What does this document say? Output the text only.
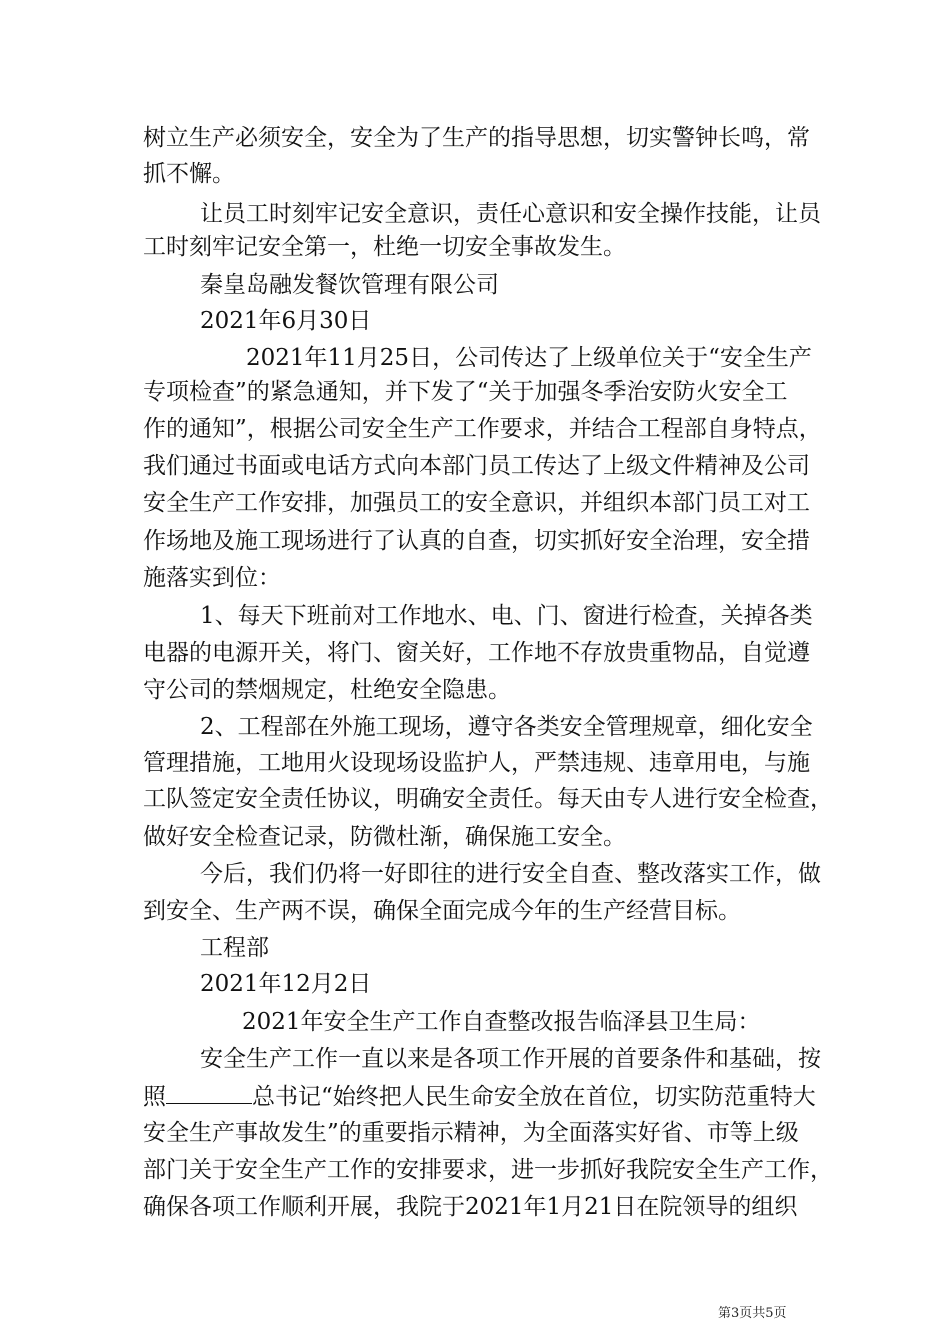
树立生产必须安全，安全为了生产的指导思想，切实警钟长鸣，常
抓不懈。
让员工时刻牢记安全意识，责任心意识和安全操作技能，让员
工时刻牢记安全第一，杜绝一切安全事故发生。
秦皇岛融发餐饮管理有限公司
2021年6月30日
2021年11月25日，公司传达了上级单位关于“安全生产
专项检查”的紧急通知，并下发了“关于加强冬季治安防火安全工
作的通知”，根据公司安全生产工作要求，并结合工程部自身特点，
我们通过书面或电话方式向本部门员工传达了上级文件精神及公司
安全生产工作安排，加强员工的安全意识，并组织本部门员工对工
作场地及施工现场进行了认真的自查，切实抓好安全治理，安全措
施落实到位：
1、每天下班前对工作地水、电、门、窗进行检查，关掉各类
电器的电源开关，将门、窗关好，工作地不存放贵重物品，自觉遵
守公司的禁烟规定，杜绝安全隐患。
2、工程部在外施工现场，遵守各类安全管理规章，细化安全
管理措施，工地用火设现场设监护人，严禁违规、违章用电，与施
工队签定安全责任协议，明确安全责任。每天由专人进行安全检查，
做好安全检查记录，防微杜渐，确保施工安全。
今后，我们仍将一好即往的进行安全自查、整改落实工作，做
到安全、生产两不误，确保全面完成今年的生产经营目标。
工程部
2021年12月2日
2021年安全生产工作自查整改报告临泽县卫生局：
安全生产工作一直以来是各项工作开展的首要条件和基础，按
照	总书记“始终把人民生命安全放在首位，切实防范重特大
安全生产事故发生”的重要指示精神，为全面落实好省、市等上级
部门关于安全生产工作的安排要求，进一步抓好我院安全生产工作，
确保各项工作顺利开展，我院于2021年1月21日在院领导的组织
第3页共5页
